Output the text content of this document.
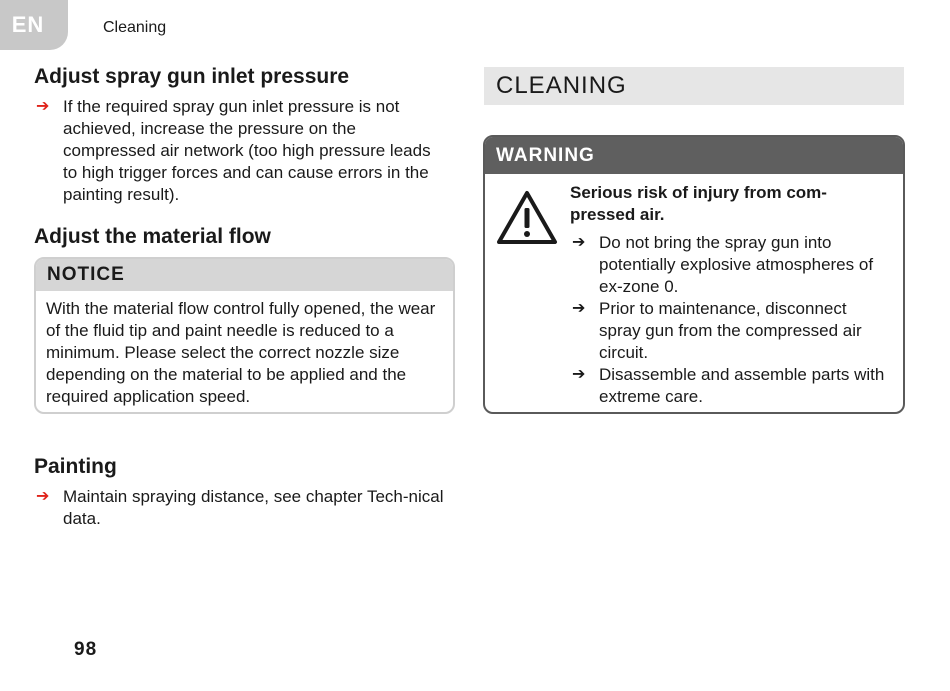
EN	Cleaning
Adjust spray gun inlet pressure
➔ If the required spray gun inlet pressure is not achieved, increase the pressure on the compressed air network (too high pressure leads to high trigger forces and can cause errors in the painting result).
Adjust the material flow
NOTICE
With the material flow control fully opened, the wear of the fluid tip and paint needle is reduced to a minimum. Please select the correct nozzle size depending on the material to be applied and the required application speed.
Painting
➔ Maintain spraying distance, see chapter Tech-nical data.
CLEANING
WARNING
Serious risk of injury from com-pressed air.
➔ Do not bring the spray gun into potentially explosive atmospheres of ex-zone 0.
➔ Prior to maintenance, disconnect spray gun from the compressed air circuit.
➔ Disassemble and assemble parts with extreme care.
98
